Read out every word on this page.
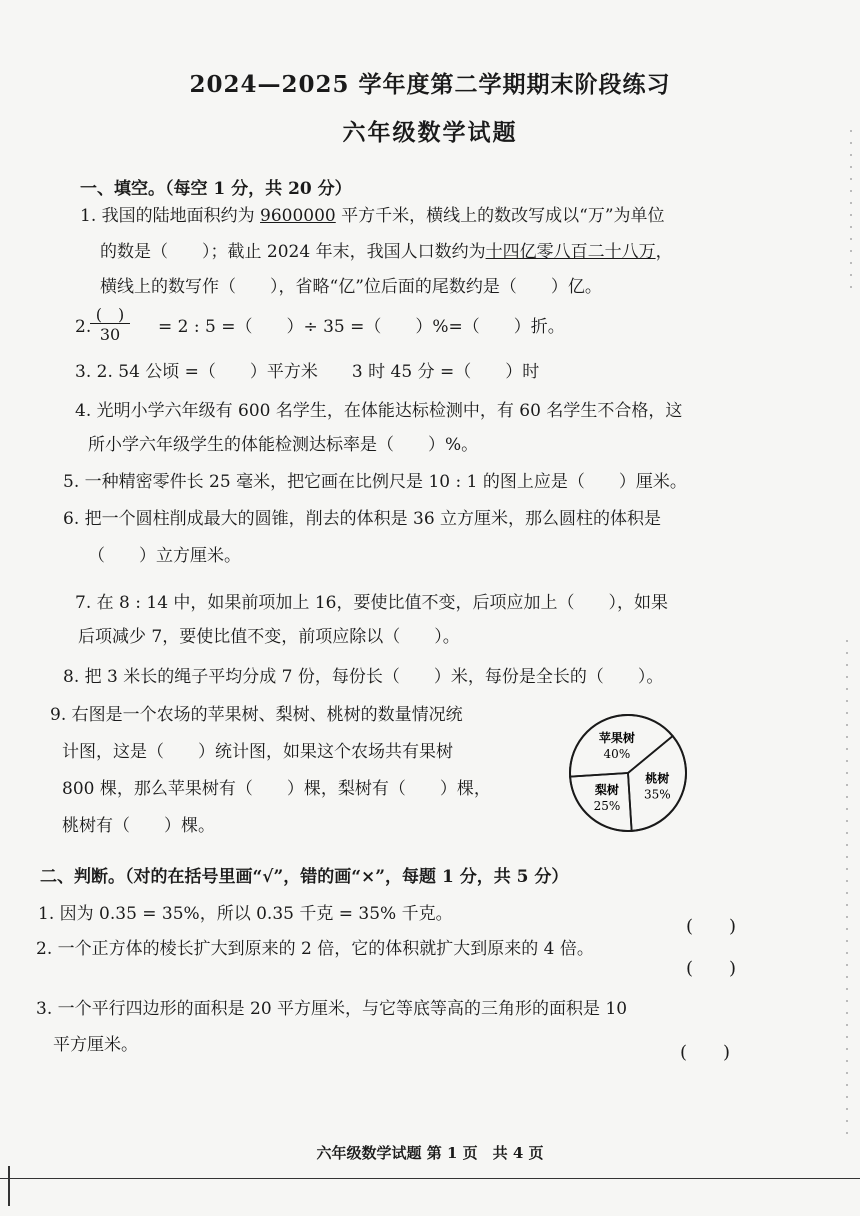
2024—2025 学年度第二学期期末阶段练习
六年级数学试题
一、填空。（每空 1 分，共 20 分）
1. 我国的陆地面积约为 9600000 平方千米，横线上的数改写成以“万”为单位
的数是（　　）；截止 2024 年末，我国人口数约为十四亿零八百二十八万，
横线上的数写作（　　），省略“亿”位后面的尾数约是（　　）亿。
2.
(　)
30	= 2 : 5 =（　　）÷ 35 =（　　）%=（　　）折。
3. 2. 54 公顷 =（　　）平方米　　3 时 45 分 =（　　）时
4. 光明小学六年级有 600 名学生，在体能达标检测中，有 60 名学生不合格，这
所小学六年级学生的体能检测达标率是（　　）%。
5. 一种精密零件长 25 毫米，把它画在比例尺是 10 : 1 的图上应是（　　）厘米。
6. 把一个圆柱削成最大的圆锥，削去的体积是 36 立方厘米，那么圆柱的体积是
（　　）立方厘米。
7. 在 8 : 14 中，如果前项加上 16，要使比值不变，后项应加上（　　），如果
后项减少 7，要使比值不变，前项应除以（　　）。
8. 把 3 米长的绳子平均分成 7 份，每份长（　　）米，每份是全长的（　　）。
9. 右图是一个农场的苹果树、梨树、桃树的数量情况统
计图，这是（　　）统计图，如果这个农场共有果树
800 棵，那么苹果树有（　　）棵，梨树有（　　）棵，
桃树有（　　）棵。
苹果树
40%
桃树
35%
梨树
25%
二、判断。（对的在括号里画“√”，错的画“×”，每题 1 分，共 5 分）
1. 因为 0.35 = 35%，所以 0.35 千克 = 35% 千克。
(　　)
2. 一个正方体的棱长扩大到原来的 2 倍，它的体积就扩大到原来的 4 倍。
(　　)
3. 一个平行四边形的面积是 20 平方厘米，与它等底等高的三角形的面积是 10
平方厘米。	(　　)
六年级数学试题 第 1 页　共 4 页
